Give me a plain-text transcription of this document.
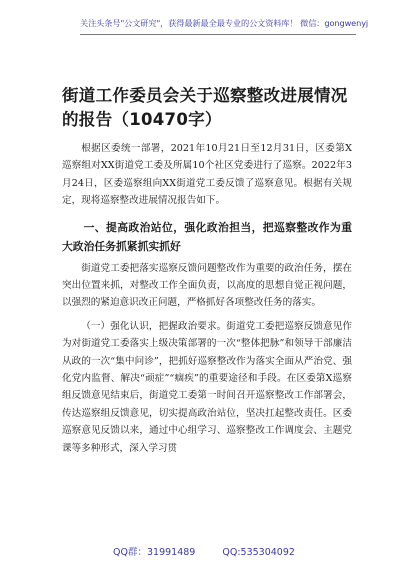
关注头条号"公文研究"，获得最新最全最专业的公文资料库！ 微信：gongwenyj
街道工作委员会关于巡察整改进展情况的报告（10470字）

根据区委统一部署，2021年10月21日至12月31日，区委第X巡察组对XX街道党工委及所属10个社区党委进行了巡察。2022年3月24日，区委巡察组向XX街道党工委反馈了巡察意见。根据有关规定，现将巡察整改进展情况报告如下。

一、提高政治站位，强化政治担当，把巡察整改作为重大政治任务抓紧抓实抓好

街道党工委把落实巡察反馈问题整改作为重要的政治任务，摆在突出位置来抓，对整改工作全面负责，以高度的思想自觉正视问题，以强烈的紧迫意识改正问题，严格抓好各项整改任务的落实。

（一）强化认识，把握政治要求。街道党工委把巡察反馈意见作为对街道党工委落实上级决策部署的一次“整体把脉”和领导干部廉洁从政的一次“集中问诊”，把抓好巡察整改作为落实全面从严治党、强化党内监督、解决“顽症”“痼疾”的重要途径和手段。在区委第X巡察组反馈意见结束后，街道党工委第一时间召开巡察整改工作部署会，传达巡察组反馈意见，切实提高政治站位，坚决扛起整改责任。区委巡察意见反馈以来，通过中心组学习、巡察整改工作调度会、主题党课等多种形式，深入学习贯

QQ群：31991489	QQ:535304092
